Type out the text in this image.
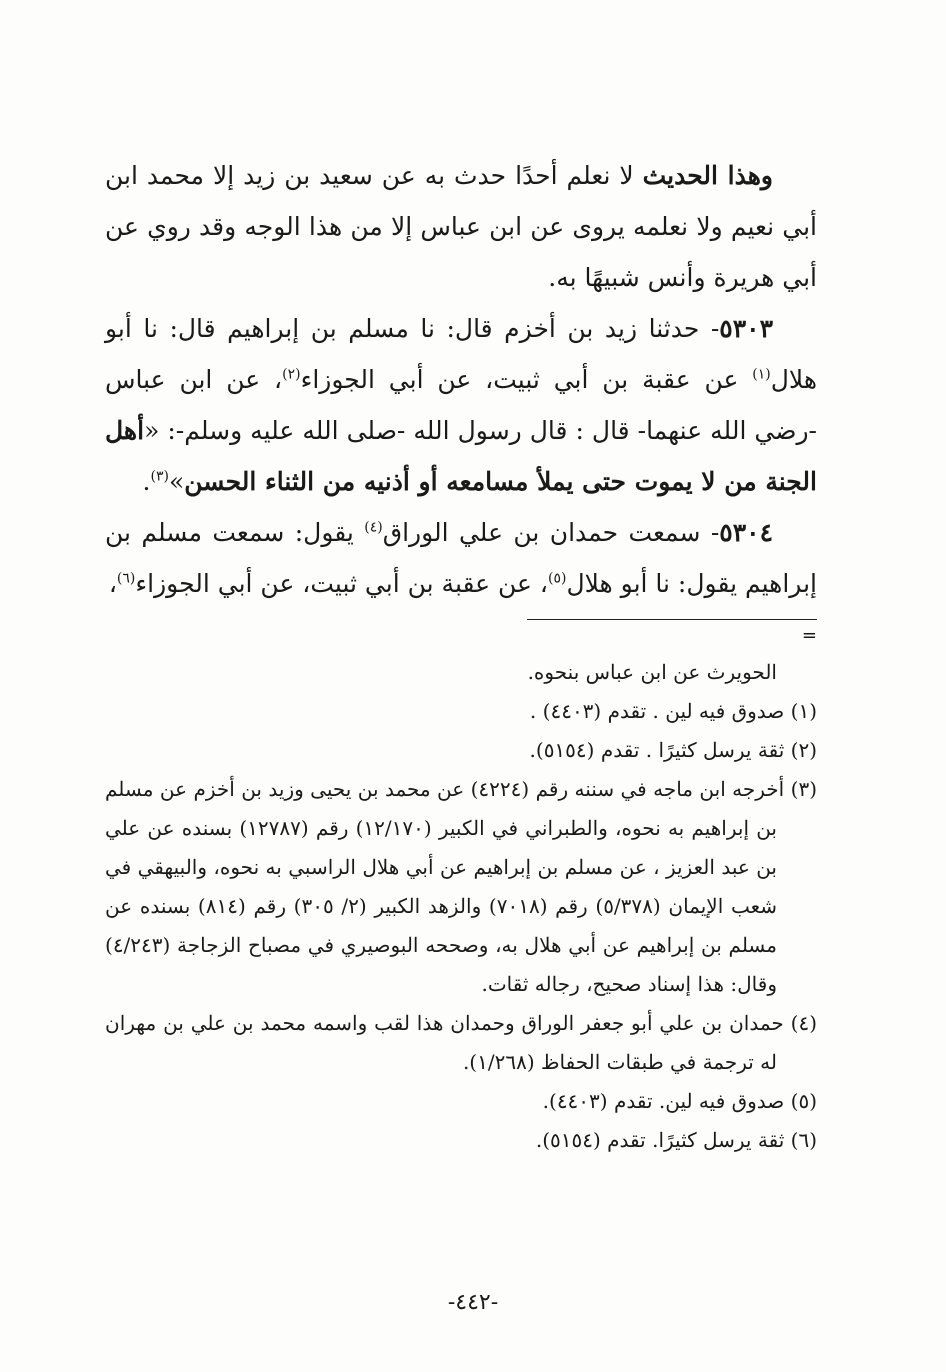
وهذا الحديث لا نعلم أحدًا حدث به عن سعيد بن زيد إلا محمد ابن أبي نعيم ولا نعلمه يروى عن ابن عباس إلا من هذا الوجه وقد روي عن أبي هريرة وأنس شبيهًا به.

٥٣٠٣- حدثنا زيد بن أخزم قال: نا مسلم بن إبراهيم قال: نا أبو هلال$^{(١)}$ عن عقبة بن أبي ثبيت، عن أبي الجوزاء$^{(٢)}$، عن ابن عباس -رضي الله عنهما- قال : قال رسول الله -صلى الله عليه وسلم-: «أهل الجنة من لا يموت حتى يملأ مسامعه أو أذنيه من الثناء الحسن»$^{(٣)}$.

٥٣٠٤- سمعت حمدان بن علي الوراق$^{(٤)}$ يقول: سمعت مسلم بن إبراهيم يقول: نا أبو هلال$^{(٥)}$، عن عقبة بن أبي ثبيت، عن أبي الجوزاء$^{(٦)}$،

=

الحويرث عن ابن عباس بنحوه.

(١) صدوق فيه لين . تقدم (٤٤٠٣) .

(٢) ثقة يرسل كثيرًا . تقدم (٥١٥٤).

(٣) أخرجه ابن ماجه في سننه رقم (٤٢٢٤) عن محمد بن يحيى وزيد بن أخزم عن مسلم بن إبراهيم به نحوه، والطبراني في الكبير (١٢/١٧٠) رقم (١٢٧٨٧) بسنده عن علي بن عبد العزيز ، عن مسلم بن إبراهيم عن أبي هلال الراسبي به نحوه، والبيهقي في شعب الإيمان (٥/٣٧٨) رقم (٧٠١٨) والزهد الكبير (٢/ ٣٠٥) رقم (٨١٤) بسنده عن مسلم بن إبراهيم عن أبي هلال به، وصححه البوصيري في مصباح الزجاجة (٤/٢٤٣) وقال: هذا إسناد صحيح، رجاله ثقات.

(٤) حمدان بن علي أبو جعفر الوراق وحمدان هذا لقب واسمه محمد بن علي بن مهران له ترجمة في طبقات الحفاظ (١/٢٦٨).

(٥) صدوق فيه لين. تقدم (٤٤٠٣).

(٦) ثقة يرسل كثيرًا. تقدم (٥١٥٤).

-٤٤٢-
